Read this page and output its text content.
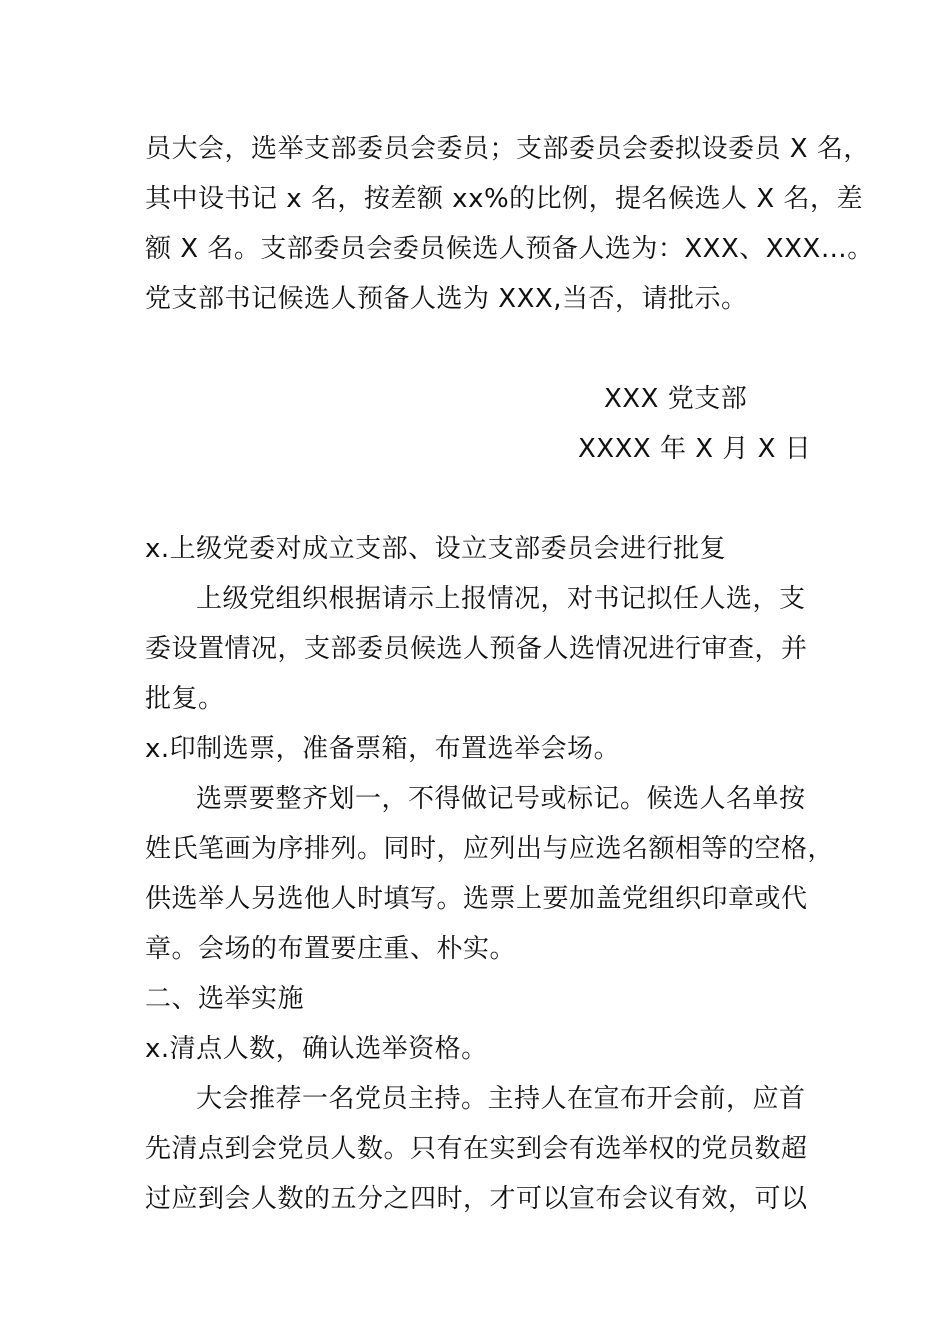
员大会，选举支部委员会委员；支部委员会委拟设委员 X 名，
其中设书记 x 名，按差额 xx%的比例，提名候选人 X 名，差
额 X 名。支部委员会委员候选人预备人选为：XXX、XXX…。
党支部书记候选人预备人选为 XXX,当否，请批示。
XXX 党支部
XXXX 年 X 月 X 日
x.上级党委对成立支部、设立支部委员会进行批复
上级党组织根据请示上报情况，对书记拟任人选，支
委设置情况，支部委员候选人预备人选情况进行审查，并
批复。
x.印制选票，准备票箱，布置选举会场。
选票要整齐划一，不得做记号或标记。候选人名单按
姓氏笔画为序排列。同时，应列出与应选名额相等的空格，
供选举人另选他人时填写。选票上要加盖党组织印章或代
章。会场的布置要庄重、朴实。
二、选举实施
x.清点人数，确认选举资格。
大会推荐一名党员主持。主持人在宣布开会前，应首
先清点到会党员人数。只有在实到会有选举权的党员数超
过应到会人数的五分之四时，才可以宣布会议有效，可以
